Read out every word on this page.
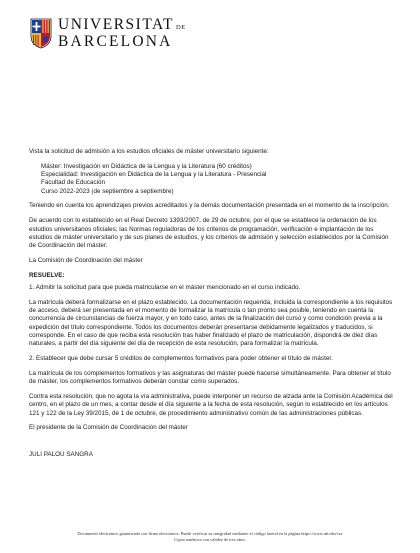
UNIVERSITAT DE
BARCELONA

Vista la solicitud de admisión a los estudios oficiales de máster universitario siguiente:

Máster: Investigación en Didáctica de la Lengua y la Literatura (60 créditos)
Especialidad: Investigación en Didáctica de la Lengua y la Literatura - Presencial
Facultad de Educación
Curso 2022-2023 (de septiembre a septiembre)

Teniendo en cuenta los aprendizajes previos acreditados y la demás documentación presentada en el momento de la inscripción.

De acuerdo con lo establecido en el Real Decreto 1393/2007, de 29 de octubre, por el que se establece la ordenación de los estudios universitarios oficiales; las Normas reguladoras de los criterios de programación, verificación e implantación de los estudios de máster universitario y de sus planes de estudios, y los criterios de admisión y selección establecidos por la Comisión de Coordinación del máster.

La Comisión de Coordinación del máster

RESUELVE:

1. Admitir la solicitud para que pueda matricularse en el máster mencionado en el curso indicado.

La matrícula deberá formalizarse en el plazo establecido. La documentación requerida, incluida la correspondiente a los requisitos de acceso, deberá ser presentada en el momento de formalizar la matrícula o tan pronto sea posible, teniendo en cuenta la concurrencia de circunstancias de fuerza mayor, y en todo caso, antes de la finalización del curso y como condición previa a la expedición del título correspondiente. Todos los documentos deberán presentarse debidamente legalizados y traducidos, si corresponde. En el caso de que reciba esta resolución tras haber finalizado el plazo de matriculación, dispondrá de diez días naturales, a partir del día siguiente del día de recepción de esta resolución, para formalizar la matrícula.

2. Establecer que debe cursar 5 créditos de complementos formativos para poder obtener el título de máster.

La matrícula de los complementos formativos y las asignaturas del máster puede hacerse simultáneamente. Para obtener el título de máster, los complementos formativos deberán constar como superados.

Contra esta resolución, que no agota la vía administrativa, puede interponer un recurso de alzada ante la Comisión Académica del centro, en el plazo de un mes, a contar desde el día siguiente a la fecha de esta resolución, según lo establecido en los artículos 121 y 122 de la Ley 39/2015, de 1 de octubre, de procedimiento administrativo común de las administraciones públicas.

El presidente de la Comisión de Coordinación del máster

JULI PALOU SANGRA

Documento electrónico garantizado con firma electrónica. Puede verificar su integridad mediante el código lateral en la página https://www.ub.edu/csv
Copia auténtica con validez de tres años.
